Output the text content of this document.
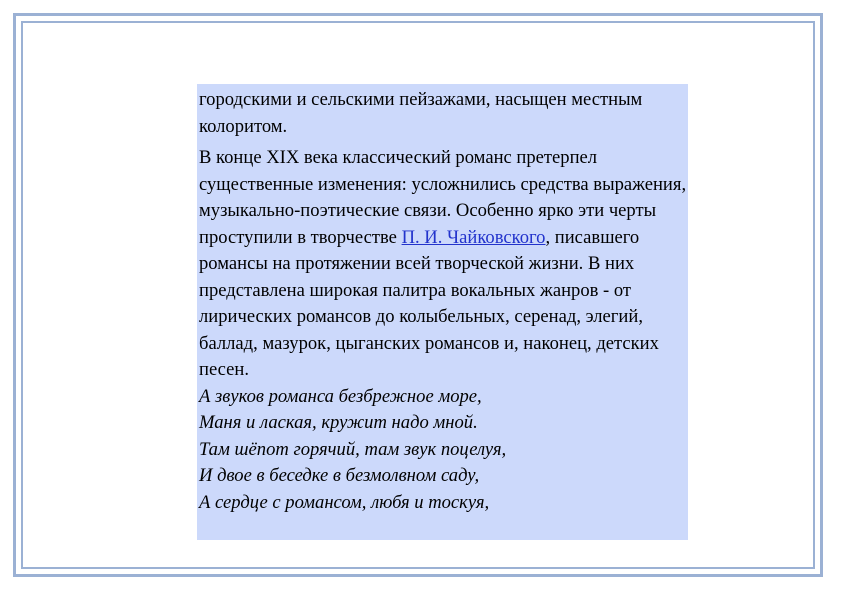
городскими и сельскими пейзажами, насыщен местным колоритом.

В конце XIX века классический романс претерпел существенные изменения: усложнились средства выражения, музыкально-поэтические связи. Особенно ярко эти черты проступили в творчестве П. И. Чайковского, писавшего романсы на протяжении всей творческой жизни. В них представлена широкая палитра вокальных жанров - от лирических романсов до колыбельных, серенад, элегий, баллад, мазурок, цыганских романсов и, наконец, детских песен.

А звуков романса безбрежное море,
Маня и лаская, кружит надо мной.
Там шёпот горячий, там звук поцелуя,
И двое в беседке в безмолвном саду,
А сердце с романсом, любя и тоскуя,
